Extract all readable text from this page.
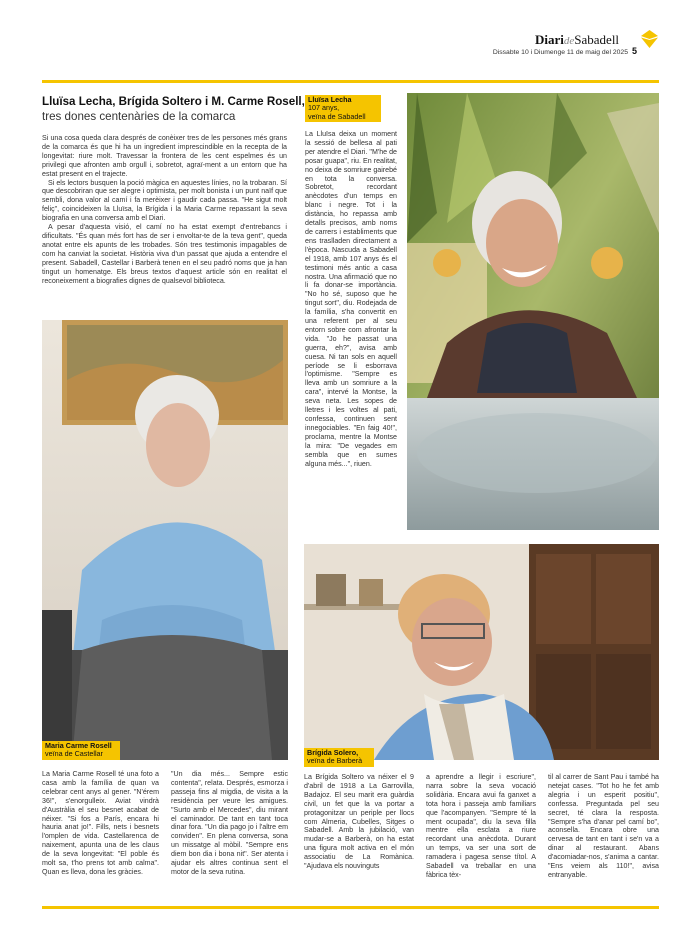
DiarideSabadell
Dissabte 10 i Diumenge 11 de maig del 2025 5
Lluïsa Lecha, Brígida Soltero i M. Carme Rosell,
tres dones centenàries de la comarca

Si una cosa queda clara després de conèixer tres de les persones més grans de la comarca és que hi ha un ingredient imprescindible en la recepta de la longevitat: riure molt. Travessar la frontera de les cent espelmes és un privilegi que afronten amb orgull i, sobretot, agraï-ment a un entorn que ha estat present en el trajecte.

Si els lectors busquen la poció màgica en aquestes línies, no la trobaran. Sí que descobriran que ser alegre i optimista, per molt bonista i un punt naïf que sembli, dona valor al camí i fa merèixer i gaudir cada passa. "He sigut molt feliç", coincideixen la Lluïsa, la Brígida i la Maria Carme repassant la seva biografia en una conversa amb el Diari.

A pesar d'aquesta visió, el camí no ha estat exempt d'entrebancs i dificultats. "És quan més fort has de ser i envoltar-te de la teva gent", queda anotat entre els apunts de les trobades. Són tres testimonis impagables de com ha canviat la societat. Història viva d'un passat que ajuda a entendre el present. Sabadell, Castellar i Barberà tenen en el seu padró noms que ja han tingut un homenatge. Els breus textos d'aquest article són en realitat el reconeixement a biografies dignes de qualsevol biblioteca.

Lluïsa Lecha
107 anys,
veïna de Sabadell

La Lluïsa deixa un moment la sessió de bellesa al pati per atendre el Diari. "M'he de posar guapa", riu. En realitat, no deixa de somriure gairebé en tota la conversa. Sobretot, recordant anècdotes d'un temps en blanc i negre. Tot i la distància, ho repassa amb detalls precisos, amb noms de carrers i establiments que ens traslladen directament a l'època. Nascuda a Sabadell el 1918, amb 107 anys és el testimoni més antic a casa nostra. Una afirmació que no li fa donar-se importància. "No ho sé, suposo que he tingut sort", diu. Rodejada de la família, s'ha convertit en una referent per al seu entorn sobre com afrontar la vida. "Jo he passat una guerra, eh?", avisa amb cuesa. Ni tan sols en aquell període se li esborrava l'optimisme. "Sempre es lleva amb un somriure a la cara", intervé la Montse, la seva neta. Les sopes de lletres i les voltes al pati, confessa, continuen sent innegociables. "En faig 40!", proclama, mentre la Montse la mira: "De vegades em sembla que en sumes alguna més...", riuen.

Maria Carme Rosell
veïna de Castellar

La Maria Carme Rosell té una foto a casa amb la família de quan va celebrar cent anys al gener. "N'érem 36!", s'enorgulleix. Aviat vindrà d'Austràlia el seu besnet acabat de néixer. "Si fos a París, encara hi hauria anat jo!". Fills, nets i besnets l'omplen de vida. Castellarenca de naixement, apunta una de les claus de la seva longevitat: "El poble és molt sa, t'ho prens tot amb calma". Quan es lleva, dona les gràcies.

"Un dia més... Sempre estic contenta", relata. Després, esmorza i passeja fins al migdia, de visita a la residència per veure les amigues. "Surto amb el Mercedes", diu mirant el caminador. De tant en tant toca dinar fora. "Un dia pago jo i l'altre em conviden". En plena conversa, sona un missatge al mòbil. "Sempre ens diem bon dia i bona nit". Ser atenta i ajudar els altres continua sent el motor de la seva rutina.

Brígida Solero,
veïna de Barberà

La Brígida Soltero va néixer el 9 d'abril de 1918 a La Garrovilla, Badajoz. El seu marit era guàrdia civil, un fet que la va portar a protagonitzar un periple per llocs com Almeria, Cubelles, Sitges o Sabadell. Amb la jubilació, van mudar-se a Barberà, on ha estat una figura molt activa en el món associatiu de La Romànica. "Ajudava els nouvinguts

a aprendre a llegir i escriure", narra sobre la seva vocació solidària. Encara avui fa ganxet a tota hora i passeja amb familiars que l'acompanyen. "Sempre té la ment ocupada", diu la seva filla mentre ella esclata a riure recordant una anècdota. Durant un temps, va ser una sort de ramadera i pagesa sense títol. A Sabadell va treballar en una fàbrica tèx-

til al carrer de Sant Pau i també ha netejat cases. "Tot ho he fet amb alegria i un esperit positiu", confessa. Preguntada pel seu secret, té clara la resposta. "Sempre s'ha d'anar pel camí bo", aconsella. Encara obre una cervesa de tant en tant i se'n va a dinar al restaurant. Abans d'acomiadar-nos, s'anima a cantar. "Ens veiem als 110!", avisa entranyable.
